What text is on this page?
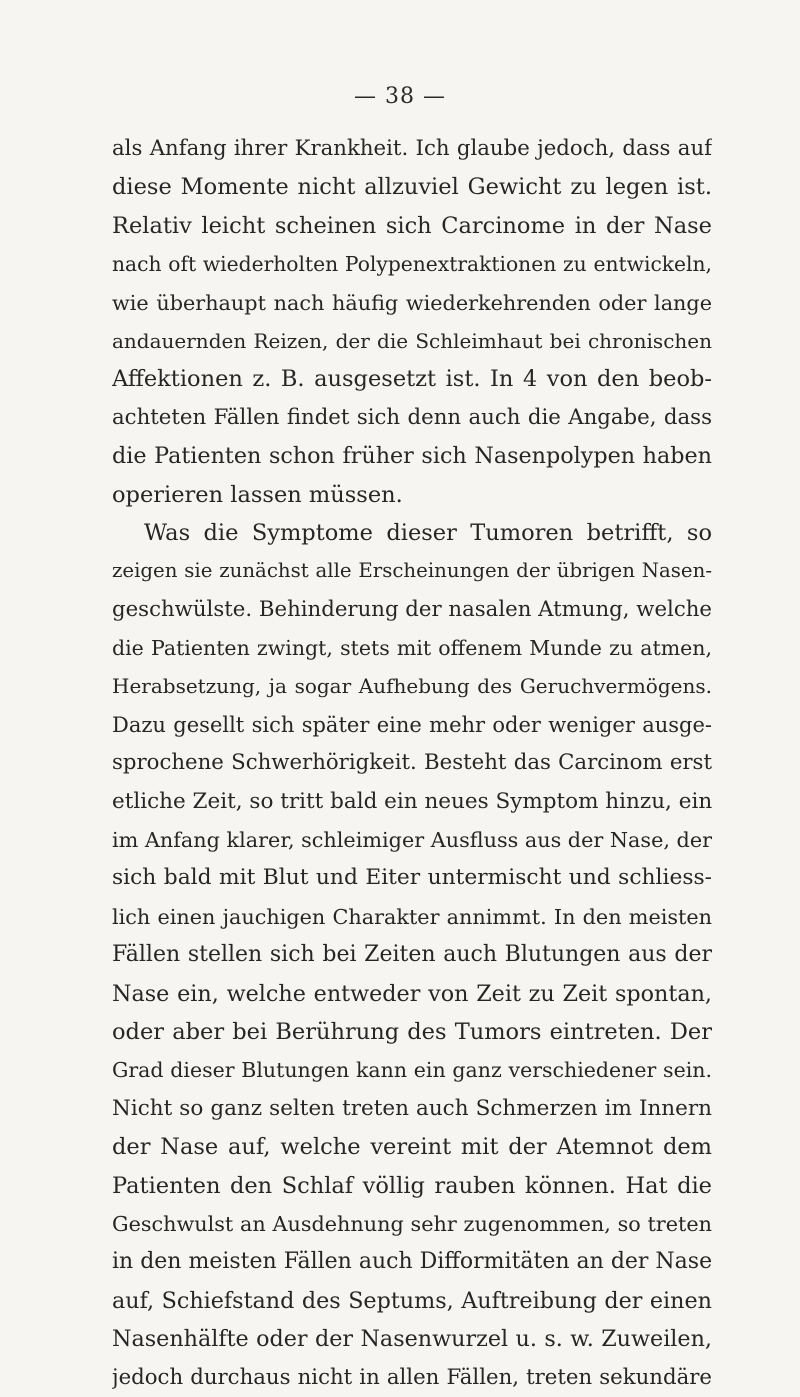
— 38 —
als Anfang ihrer Krankheit. Ich glaube jedoch, dass auf
diese Momente nicht allzuviel Gewicht zu legen ist.
Relativ leicht scheinen sich Carcinome in der Nase
nach oft wiederholten Polypenextraktionen zu entwickeln,
wie überhaupt nach häufig wiederkehrenden oder lange
andauernden Reizen, der die Schleimhaut bei chronischen
Affektionen z. B. ausgesetzt ist. In 4 von den beob-
achteten Fällen findet sich denn auch die Angabe, dass
die Patienten schon früher sich Nasenpolypen haben
operieren lassen müssen.
Was die Symptome dieser Tumoren betrifft, so
zeigen sie zunächst alle Erscheinungen der übrigen Nasen-
geschwülste. Behinderung der nasalen Atmung, welche
die Patienten zwingt, stets mit offenem Munde zu atmen,
Herabsetzung, ja sogar Aufhebung des Geruchvermögens.
Dazu gesellt sich später eine mehr oder weniger ausge-
sprochene Schwerhörigkeit. Besteht das Carcinom erst
etliche Zeit, so tritt bald ein neues Symptom hinzu, ein
im Anfang klarer, schleimiger Ausfluss aus der Nase, der
sich bald mit Blut und Eiter untermischt und schliess-
lich einen jauchigen Charakter annimmt. In den meisten
Fällen stellen sich bei Zeiten auch Blutungen aus der
Nase ein, welche entweder von Zeit zu Zeit spontan,
oder aber bei Berührung des Tumors eintreten. Der
Grad dieser Blutungen kann ein ganz verschiedener sein.
Nicht so ganz selten treten auch Schmerzen im Innern
der Nase auf, welche vereint mit der Atemnot dem
Patienten den Schlaf völlig rauben können. Hat die
Geschwulst an Ausdehnung sehr zugenommen, so treten
in den meisten Fällen auch Difformitäten an der Nase
auf, Schiefstand des Septums, Auftreibung der einen
Nasenhälfte oder der Nasenwurzel u. s. w. Zuweilen,
jedoch durchaus nicht in allen Fällen, treten sekundäre
